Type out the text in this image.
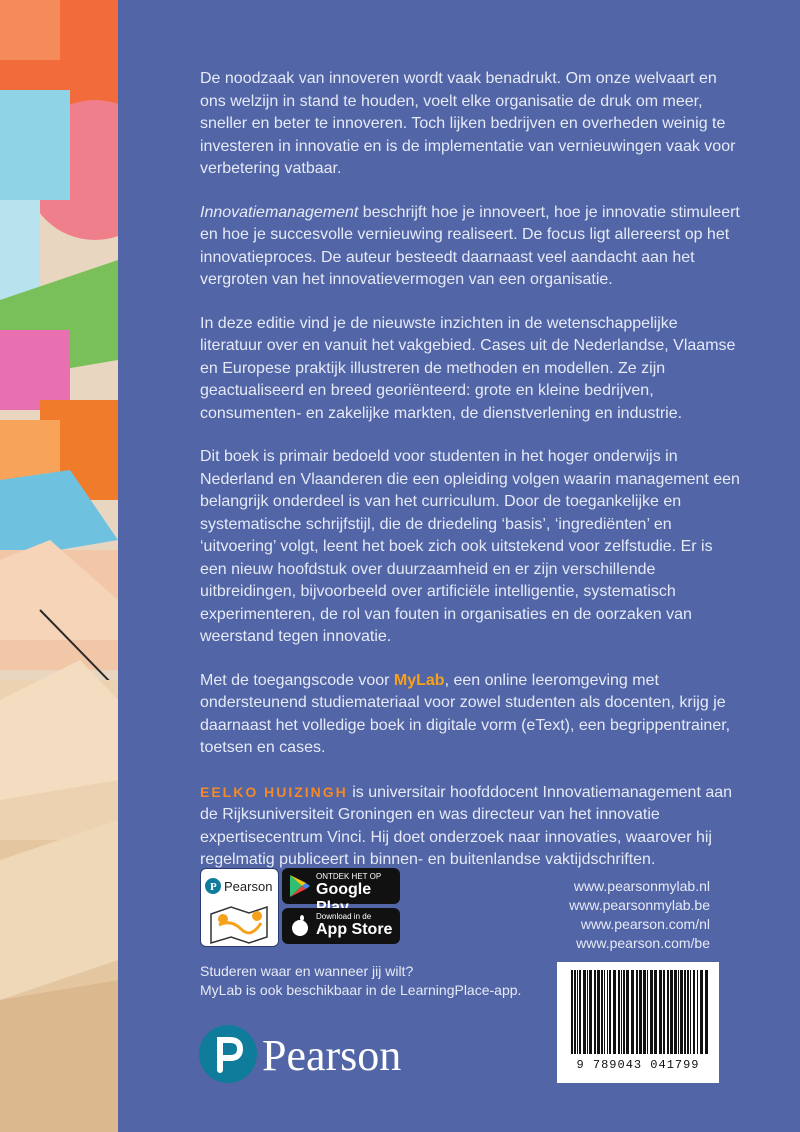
De noodzaak van innoveren wordt vaak benadrukt. Om onze welvaart en ons welzijn in stand te houden, voelt elke organisatie de druk om meer, sneller en beter te innoveren. Toch lijken bedrijven en overheden weinig te investeren in innovatie en is de implementatie van vernieuwingen vaak voor verbetering vatbaar.

Innovatiemanagement beschrijft hoe je innoveert, hoe je innovatie stimuleert en hoe je succesvolle vernieuwing realiseert. De focus ligt allereerst op het innovatieproces. De auteur besteedt daarnaast veel aandacht aan het vergroten van het innovatievermogen van een organisatie.

In deze editie vind je de nieuwste inzichten in de wetenschappelijke literatuur over en vanuit het vakgebied. Cases uit de Nederlandse, Vlaamse en Europese praktijk illustreren de methoden en modellen. Ze zijn geactualiseerd en breed georiënteerd: grote en kleine bedrijven, consumenten- en zakelijke markten, de dienstverlening en industrie.

Dit boek is primair bedoeld voor studenten in het hoger onderwijs in Nederland en Vlaanderen die een opleiding volgen waarin management een belangrijk onderdeel is van het curriculum. Door de toegankelijke en systematische schrijfstijl, die de driedeling ‘basis’, ‘ingrediënten’ en ‘uitvoering’ volgt, leent het boek zich ook uitstekend voor zelfstudie. Er is een nieuw hoofdstuk over duurzaamheid en er zijn verschillende uitbreidingen, bijvoorbeeld over artificiële intelligentie, systematisch experimenteren, de rol van fouten in organisaties en de oorzaken van weerstand tegen innovatie.

Met de toegangscode voor MyLab, een online leeromgeving met ondersteunend studiemateriaal voor zowel studenten als docenten, krijg je daarnaast het volledige boek in digitale vorm (eText), een begrippentrainer, toetsen en cases.

EELKO HUIZINGH is universitair hoofddocent Innovatiemanagement aan de Rijksuniversiteit Groningen en was directeur van het innovatie expertisecentrum Vinci. Hij doet onderzoek naar innovaties, waarover hij regelmatig publiceert in binnen- en buitenlandse vaktijdschriften.

P Pearson
ONTDEK HET OP
Google
Download in de
App Store
Studeren waar en wanneer jij wilt?
MyLab is ook beschikbaar in de LearningPlace-app.
www.pearsonmylab.nl
www.pearsonmylab.be
www.pearson.com/nl
www.pearson.com/be
9 789043 041799
Pearson
